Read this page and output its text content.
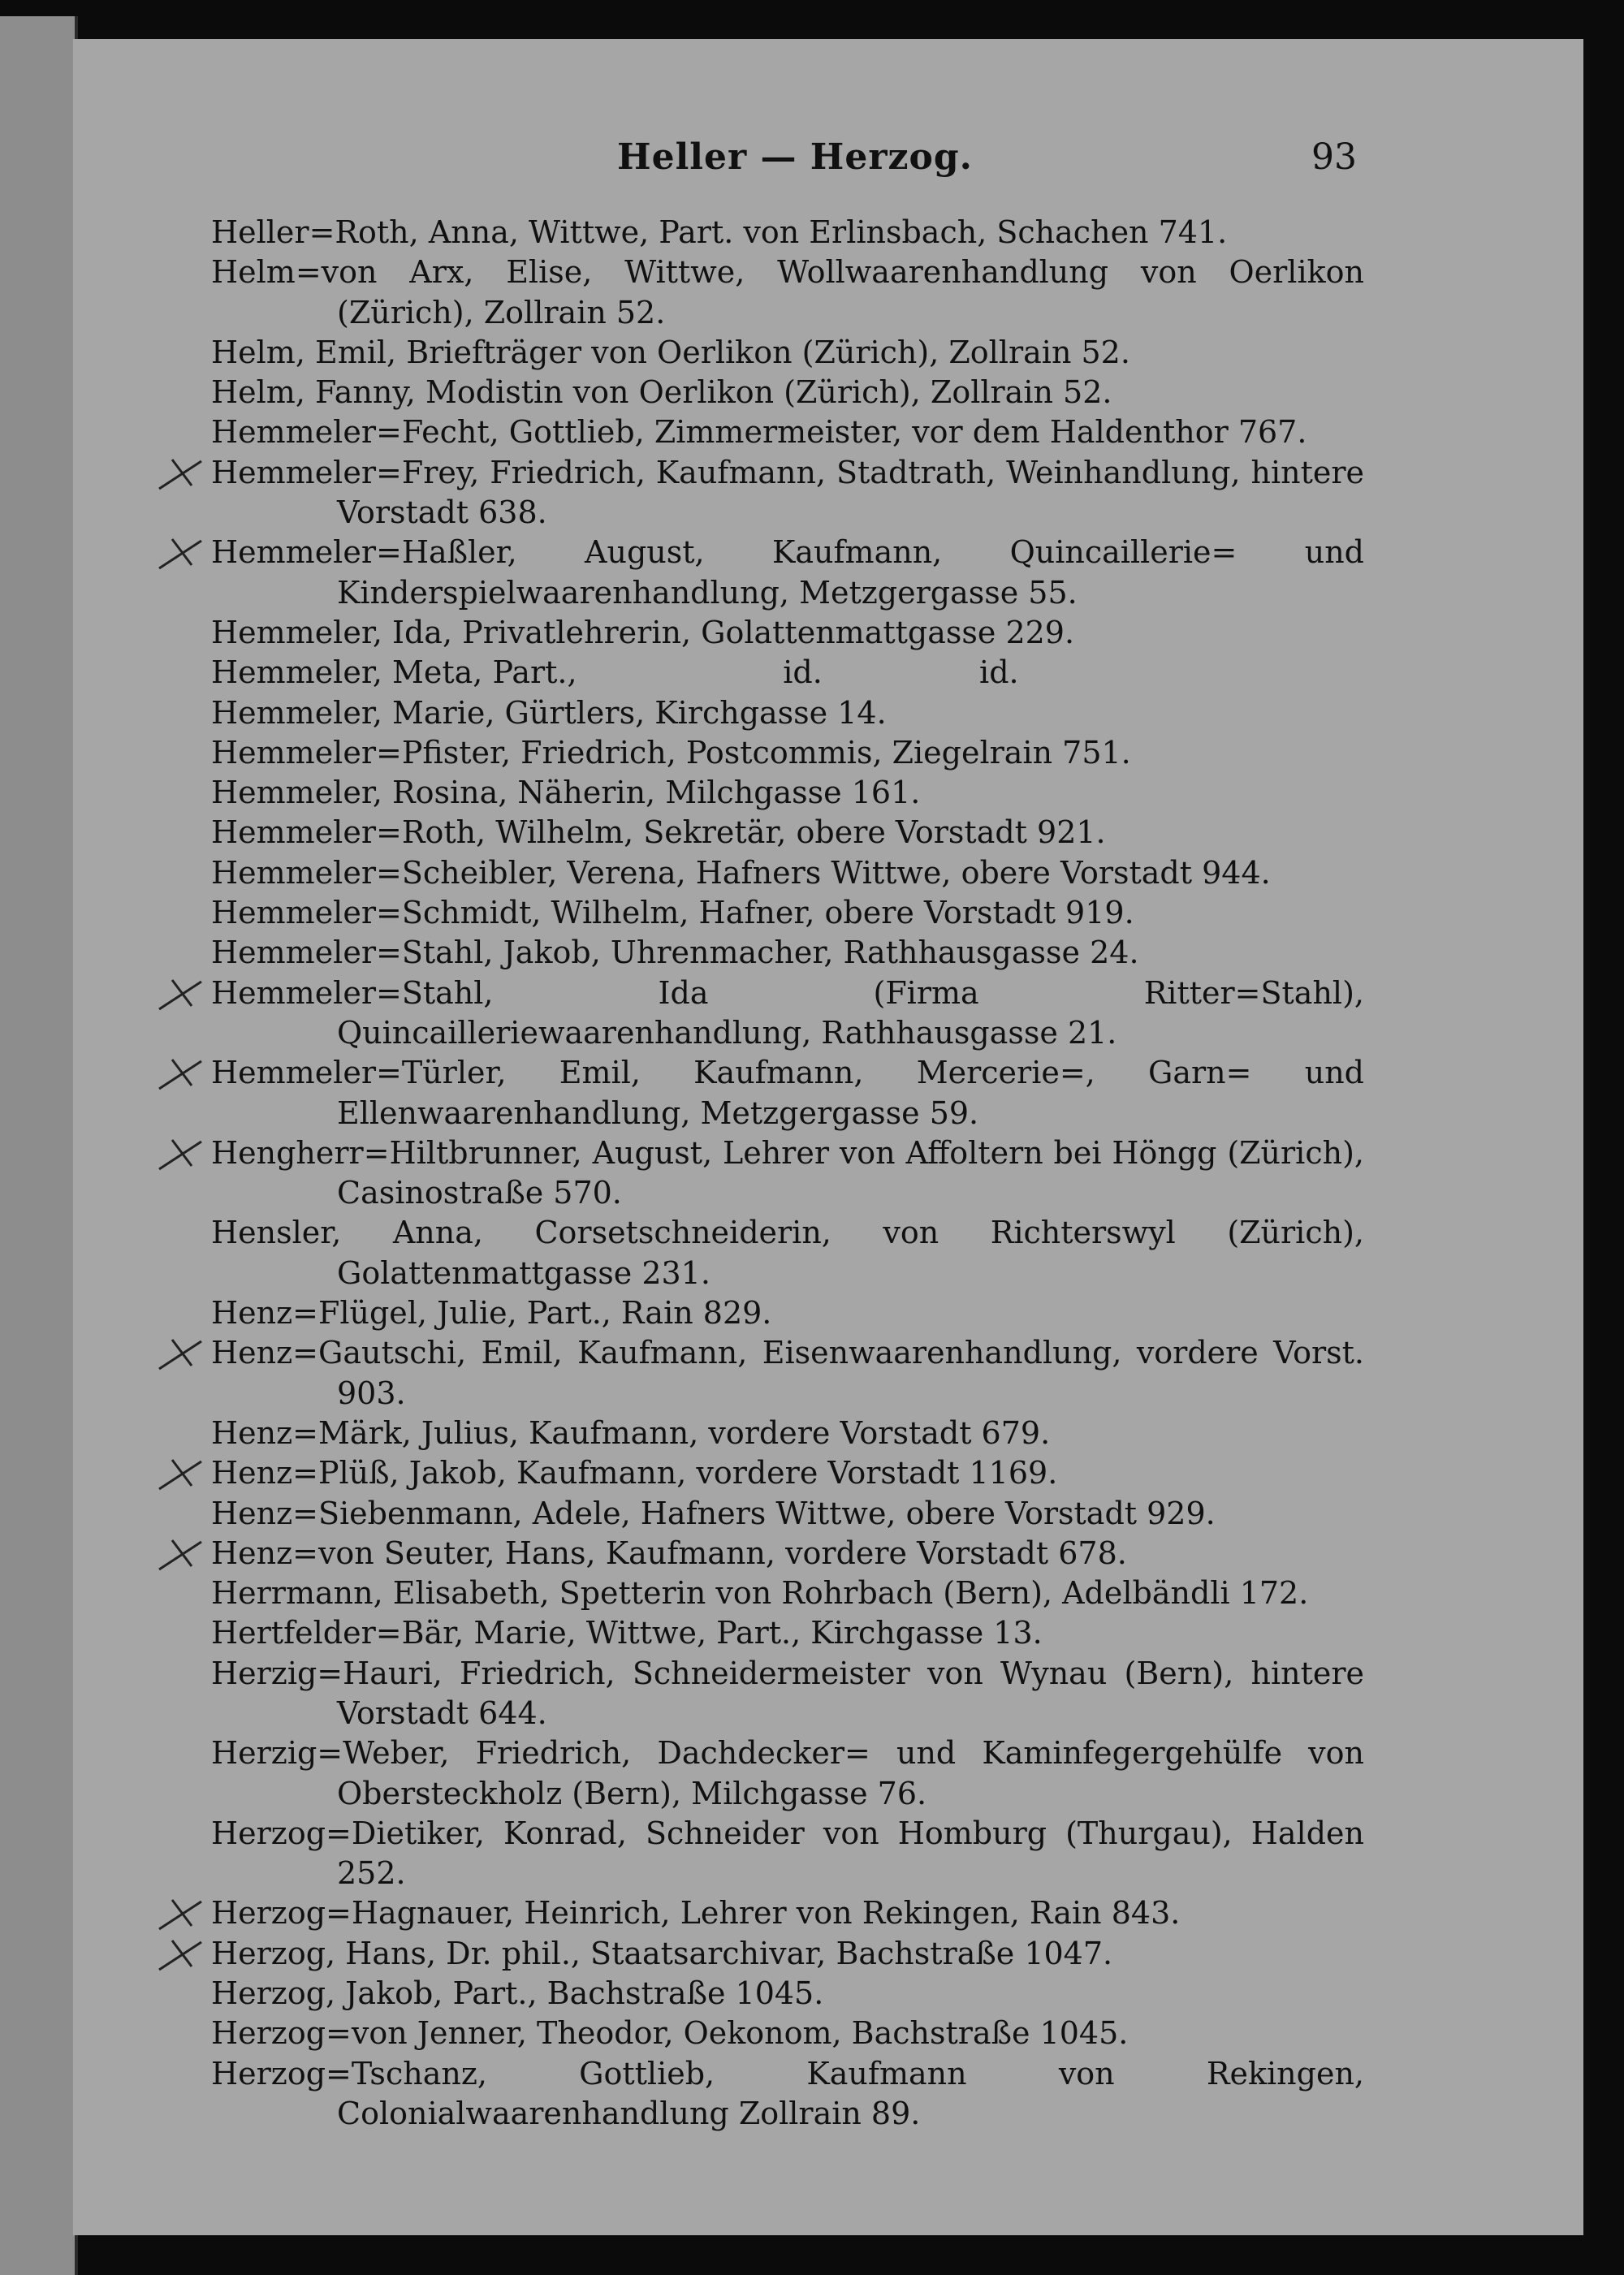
Heller — Herzog.	93
Heller=Roth, Anna, Wittwe, Part. von Erlinsbach, Schachen 741.
Helm=von Arx, Elise, Wittwe, Wollwaarenhandlung von Oerlikon (Zürich), Zollrain 52.
Helm, Emil, Briefträger von Oerlikon (Zürich), Zollrain 52.
Helm, Fanny, Modistin von Oerlikon (Zürich), Zollrain 52.
Hemmeler=Fecht, Gottlieb, Zimmermeister, vor dem Haldenthor 767.
Hemmeler=Frey, Friedrich, Kaufmann, Stadtrath, Weinhandlung, hintere Vorstadt 638.
Hemmeler=Haßler, August, Kaufmann, Quincaillerie= und Kinderspielwaarenhandlung, Metzgergasse 55.
Hemmeler, Ida, Privatlehrerin, Golattenmattgasse 229.
Hemmeler, Meta, Part.,                     id.                id.
Hemmeler, Marie, Gürtlers, Kirchgasse 14.
Hemmeler=Pfister, Friedrich, Postcommis, Ziegelrain 751.
Hemmeler, Rosina, Näherin, Milchgasse 161.
Hemmeler=Roth, Wilhelm, Sekretär, obere Vorstadt 921.
Hemmeler=Scheibler, Verena, Hafners Wittwe, obere Vorstadt 944.
Hemmeler=Schmidt, Wilhelm, Hafner, obere Vorstadt 919.
Hemmeler=Stahl, Jakob, Uhrenmacher, Rathhausgasse 24.
Hemmeler=Stahl, Ida (Firma Ritter=Stahl), Quincailleriewaarenhandlung, Rathhausgasse 21.
Hemmeler=Türler, Emil, Kaufmann, Mercerie=, Garn= und Ellenwaarenhandlung, Metzgergasse 59.
Hengherr=Hiltbrunner, August, Lehrer von Affoltern bei Höngg (Zürich), Casinostraße 570.
Hensler, Anna, Corsetschneiderin, von Richterswyl (Zürich), Golattenmattgasse 231.
Henz=Flügel, Julie, Part., Rain 829.
Henz=Gautschi, Emil, Kaufmann, Eisenwaarenhandlung, vordere Vorst. 903.
Henz=Märk, Julius, Kaufmann, vordere Vorstadt 679.
Henz=Plüß, Jakob, Kaufmann, vordere Vorstadt 1169.
Henz=Siebenmann, Adele, Hafners Wittwe, obere Vorstadt 929.
Henz=von Seuter, Hans, Kaufmann, vordere Vorstadt 678.
Herrmann, Elisabeth, Spetterin von Rohrbach (Bern), Adelbändli 172.
Hertfelder=Bär, Marie, Wittwe, Part., Kirchgasse 13.
Herzig=Hauri, Friedrich, Schneidermeister von Wynau (Bern), hintere Vorstadt 644.
Herzig=Weber, Friedrich, Dachdecker= und Kaminfegergehülfe von Obersteckholz (Bern), Milchgasse 76.
Herzog=Dietiker, Konrad, Schneider von Homburg (Thurgau), Halden 252.
Herzog=Hagnauer, Heinrich, Lehrer von Rekingen, Rain 843.
Herzog, Hans, Dr. phil., Staatsarchivar, Bachstraße 1047.
Herzog, Jakob, Part., Bachstraße 1045.
Herzog=von Jenner, Theodor, Oekonom, Bachstraße 1045.
Herzog=Tschanz, Gottlieb, Kaufmann von Rekingen, Colonialwaarenhandlung Zollrain 89.
